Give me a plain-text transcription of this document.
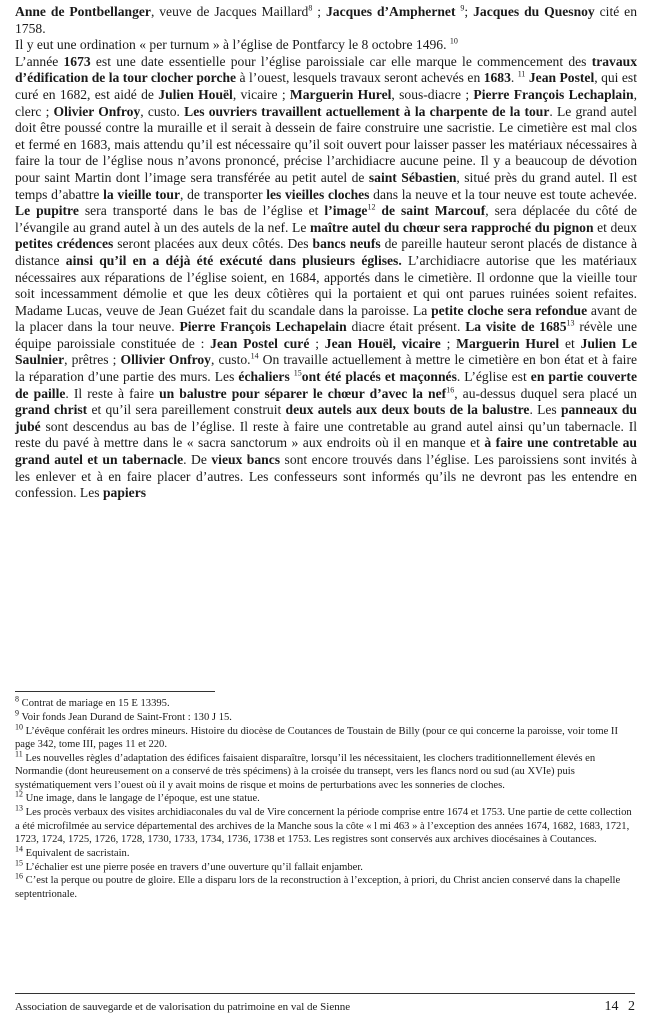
Anne de Pontbellanger, veuve de Jacques Maillard$^8$ ; Jacques d’Amphernet $^9$; Jacques du Quesnoy cité en 1758.

Il y eut une ordination « per turnum » à l’église de Pontfarcy le 8 octobre 1496. $^{10}$

L’année 1673 est une date essentielle pour l’église paroissiale car elle marque le commencement des travaux d’édification de la tour clocher porche à l’ouest, lesquels travaux seront achevés en 1683. $^{11}$ Jean Postel, qui est curé en 1682, est aidé de Julien Houël, vicaire ; Marguerin Hurel, sous-diacre ; Pierre François Lechaplain, clerc ; Olivier Onfroy, custo. Les ouvriers travaillent actuellement à la charpente de la tour. Le grand autel doit être poussé contre la muraille et il serait à dessein de faire construire une sacristie. Le cimetière est mal clos et fermé en 1683, mais attendu qu’il est nécessaire qu’il soit ouvert pour laisser passer les matériaux nécessaires à faire la tour de l’église nous n’avons prononcé, précise l’archidiacre aucune peine. Il y a beaucoup de dévotion pour saint Martin dont l’image sera transférée au petit autel de saint Sébastien, situé près du grand autel. Il est temps d’abattre la vieille tour, de transporter les vieilles cloches dans la neuve et la tour neuve est toute achevée. Le pupitre sera transporté dans le bas de l’église et l’image$^{12}$ de saint Marcouf, sera déplacée du côté de l’évangile au grand autel à un des autels de la nef. Le maître autel du chœur sera rapproché du pignon et deux petites crédences seront placées aux deux côtés. Des bancs neufs de pareille hauteur seront placés de distance à distance ainsi qu’il en a déjà été exécuté dans plusieurs églises. L’archidiacre autorise que les matériaux nécessaires aux réparations de l’église soient, en 1684, apportés dans le cimetière. Il ordonne que la vieille tour soit incessamment démolie et que les deux côtières qui la portaient et qui ont parues ruinées soient refaites. Madame Lucas, veuve de Jean Guézet fait du scandale dans la paroisse. La petite cloche sera refondue avant de la placer dans la tour neuve. Pierre François Lechapelain diacre était présent. La visite de 1685$^{13}$ révèle une équipe paroissiale constituée de : Jean Postel curé ; Jean Houël, vicaire ; Marguerin Hurel et Julien Le Saulnier, prêtres ; Ollivier Onfroy, custo.$^{14}$ On travaille actuellement à mettre le cimetière en bon état et à faire la réparation d’une partie des murs. Les échaliers $^{15}$ont été placés et maçonnés. L’église est en partie couverte de paille. Il reste à faire un balustre pour séparer le chœur d’avec la nef$^{16}$, au-dessus duquel sera placé un grand christ et qu’il sera pareillement construit deux autels aux deux bouts de la balustre. Les panneaux du jubé sont descendus au bas de l’église. Il reste à faire une contretable au grand autel ainsi qu’un tabernacle. Il reste du pavé à mettre dans le « sacra sanctorum » aux endroits où il en manque et à faire une contretable au grand autel et un tabernacle. De vieux bancs sont encore trouvés dans l’église. Les paroissiens sont invités à les enlever et à en faire placer d’autres. Les confesseurs sont informés qu’ils ne devront pas les entendre en confession. Les papiers

$^8$ Contrat de mariage en 15 E 13395.
$^9$ Voir fonds Jean Durand de Saint-Front : 130 J 15.
$^{10}$ L’évêque conférait les ordres mineurs. Histoire du diocèse de Coutances de Toustain de Billy (pour ce qui concerne la paroisse, voir tome II page 342, tome III, pages 11 et 220.
$^{11}$ Les nouvelles règles d’adaptation des édifices faisaient disparaître, lorsqu’il les nécessitaient, les clochers traditionnellement élevés en Normandie (dont heureusement on a conservé de très spécimens) à la croisée du transept, vers les flancs nord ou sud (au XVIe) puis systématiquement vers l’ouest où il y avait moins de risque et moins de perturbations avec les sonneries de cloches.
$^{12}$ Une image, dans le langage de l’époque, est une statue.
$^{13}$ Les procès verbaux des visites archidiaconales du val de Vire concernent la période comprise entre 1674 et 1753. Une partie de cette collection a été microfilmée au service départemental des archives de la Manche sous la côte « l mi 463 » à l’exception des années 1674, 1682, 1683, 1721, 1723, 1724, 1725, 1726, 1728, 1730, 1733, 1734, 1736, 1738 et 1753. Les registres sont conservés aux archives diocésaines à Coutances.
$^{14}$ Equivalent de sacristain.
$^{15}$ L’échalier est une pierre posée en travers d’une ouverture qu’il fallait enjamber.
$^{16}$ C’est la perque ou poutre de gloire. Elle a disparu lors de la reconstruction à l’exception, à priori, du Christ ancien conservé dans la chapelle septentrionale.
Association de sauvegarde et de valorisation du patrimoine en val de Sienne	14 2
